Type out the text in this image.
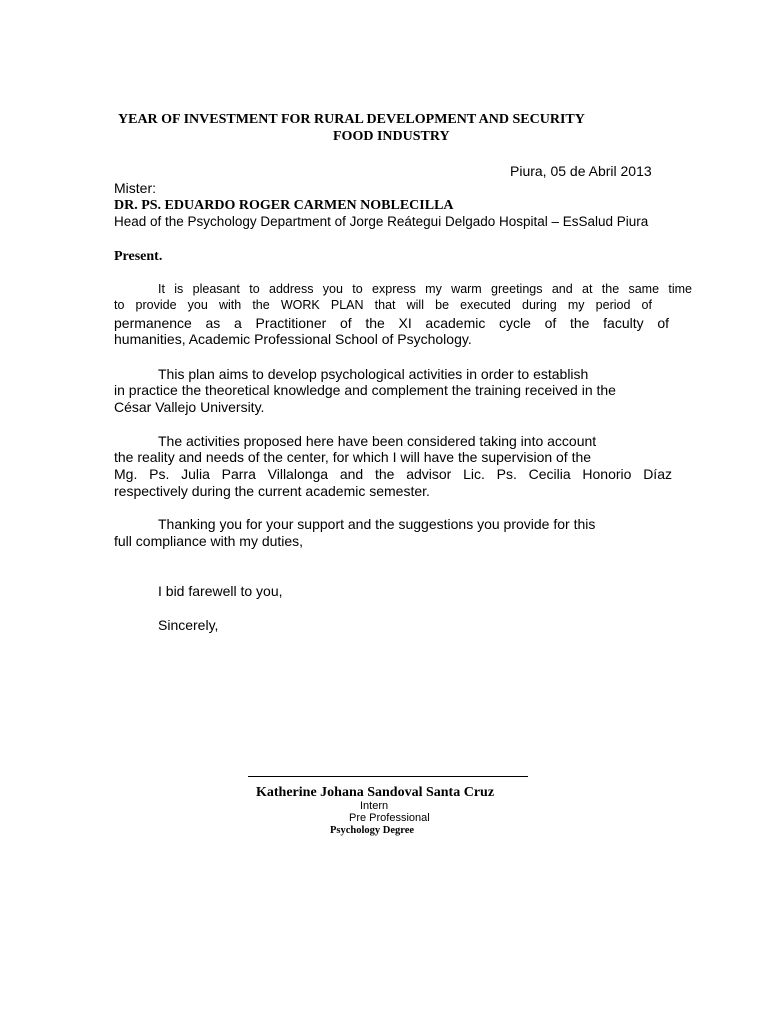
YEAR OF INVESTMENT FOR RURAL DEVELOPMENT AND SECURITY
FOOD INDUSTRY
Piura, 05 de Abril 2013
Mister:
DR. PS. EDUARDO ROGER CARMEN NOBLECILLA
Head of the Psychology Department of Jorge Reátegui Delgado Hospital – EsSalud Piura
Present.

It is pleasant to address you to express my warm greetings and at the same time

to provide you with the WORK PLAN that will be executed during my period of

permanence as a Practitioner of the XI academic cycle of the faculty of

humanities, Academic Professional School of Psychology.

This plan aims to develop psychological activities in order to establish

in practice the theoretical knowledge and complement the training received in the

César Vallejo University.

The activities proposed here have been considered taking into account

the reality and needs of the center, for which I will have the supervision of the

Mg. Ps. Julia Parra Villalonga and the advisor Lic. Ps. Cecilia Honorio Díaz

respectively during the current academic semester.

Thanking you for your support and the suggestions you provide for this

full compliance with my duties,

I bid farewell to you,
Sincerely,
Katherine Johana Sandoval Santa Cruz
Intern
Pre Professional
Psychology Degree
